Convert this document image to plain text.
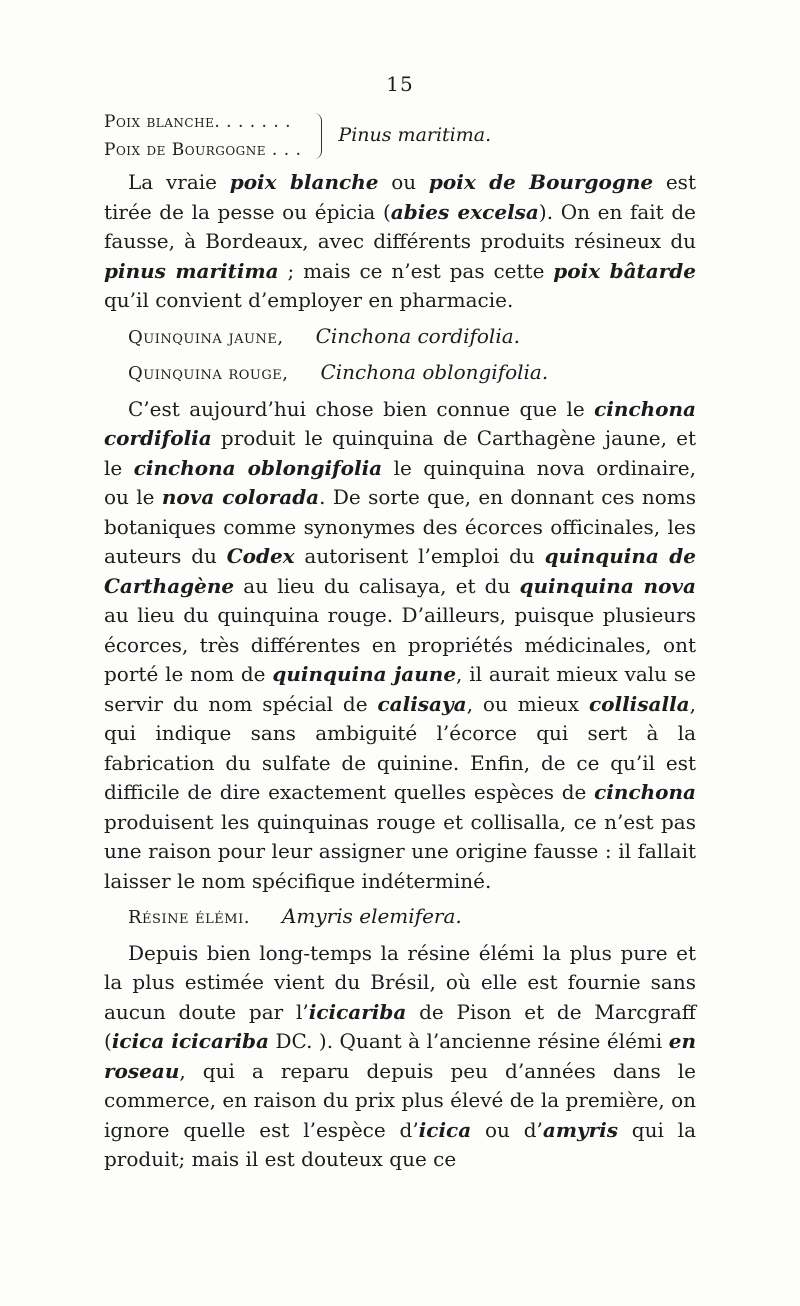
15
Poix blanche. . . . . . .
Poix de Bourgogne . . .
Pinus maritima.

La vraie poix blanche ou poix de Bourgogne est tirée de la pesse ou épicia (abies excelsa). On en fait de fausse, à Bordeaux, avec différents produits résineux du pinus maritima ; mais ce n’est pas cette poix bâtarde qu’il convient d’employer en pharmacie.

Quinquina jaune,	Cinchona cordifolia.
Quinquina rouge,	Cinchona oblongifolia.

C’est aujourd’hui chose bien connue que le cinchona cordifolia produit le quinquina de Carthagène jaune, et le cinchona oblongifolia le quinquina nova ordinaire, ou le nova colorada. De sorte que, en donnant ces noms botaniques comme synonymes des écorces officinales, les auteurs du Codex autorisent l’emploi du quinquina de Carthagène au lieu du calisaya, et du quinquina nova au lieu du quinquina rouge. D’ailleurs, puisque plusieurs écorces, très différentes en propriétés médicinales, ont porté le nom de quinquina jaune, il aurait mieux valu se servir du nom spécial de calisaya, ou mieux collisalla, qui indique sans ambiguité l’écorce qui sert à la fabrication du sulfate de quinine. Enfin, de ce qu’il est difficile de dire exactement quelles espèces de cinchona produisent les quinquinas rouge et collisalla, ce n’est pas une raison pour leur assigner une origine fausse : il fallait laisser le nom spécifique indéterminé.

Résine élémi.	Amyris elemifera.

Depuis bien long-temps la résine élémi la plus pure et la plus estimée vient du Brésil, où elle est fournie sans aucun doute par l’icicariba de Pison et de Marcgraff (icica icicariba DC. ). Quant à l’ancienne résine élémi en roseau, qui a reparu depuis peu d’années dans le commerce, en raison du prix plus élevé de la première, on ignore quelle est l’espèce d’icica ou d’amyris qui la produit; mais il est douteux que ce
